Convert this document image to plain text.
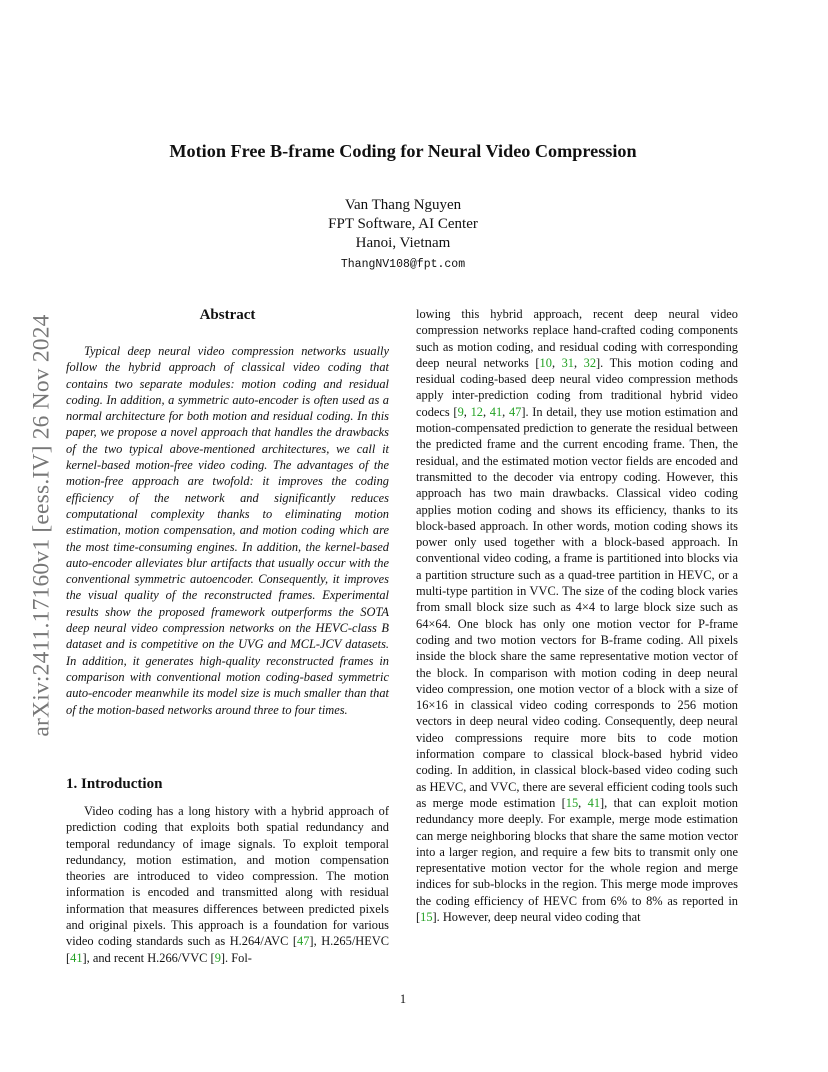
arXiv:2411.17160v1 [eess.IV] 26 Nov 2024
Motion Free B-frame Coding for Neural Video Compression
Van Thang Nguyen
FPT Software, AI Center
Hanoi, Vietnam
ThangNV108@fpt.com
Abstract

Typical deep neural video compression networks usually follow the hybrid approach of classical video coding that contains two separate modules: motion coding and residual coding. In addition, a symmetric auto-encoder is often used as a normal architecture for both motion and residual coding. In this paper, we propose a novel approach that handles the drawbacks of the two typical above-mentioned architectures, we call it kernel-based motion-free video coding. The advantages of the motion-free approach are twofold: it improves the coding efficiency of the network and significantly reduces computational complexity thanks to eliminating motion estimation, motion compensation, and motion coding which are the most time-consuming engines. In addition, the kernel-based auto-encoder alleviates blur artifacts that usually occur with the conventional symmetric autoencoder. Consequently, it improves the visual quality of the reconstructed frames. Experimental results show the proposed framework outperforms the SOTA deep neural video compression networks on the HEVC-class B dataset and is competitive on the UVG and MCL-JCV datasets. In addition, it generates high-quality reconstructed frames in comparison with conventional motion coding-based symmetric auto-encoder meanwhile its model size is much smaller than that of the motion-based networks around three to four times.

1. Introduction

Video coding has a long history with a hybrid approach of prediction coding that exploits both spatial redundancy and temporal redundancy of image signals. To exploit temporal redundancy, motion estimation, and motion compensation theories are introduced to video compression. The motion information is encoded and transmitted along with residual information that measures differences between predicted pixels and original pixels. This approach is a foundation for various video coding standards such as H.264/AVC [47], H.265/HEVC [41], and recent H.266/VVC [9]. Fol-

lowing this hybrid approach, recent deep neural video compression networks replace hand-crafted coding components such as motion coding, and residual coding with corresponding deep neural networks [10, 31, 32]. This motion coding and residual coding-based deep neural video compression methods apply inter-prediction coding from traditional hybrid video codecs [9, 12, 41, 47]. In detail, they use motion estimation and motion-compensated prediction to generate the residual between the predicted frame and the current encoding frame. Then, the residual, and the estimated motion vector fields are encoded and transmitted to the decoder via entropy coding. However, this approach has two main drawbacks. Classical video coding applies motion coding and shows its efficiency, thanks to its block-based approach. In other words, motion coding shows its power only used together with a block-based approach. In conventional video coding, a frame is partitioned into blocks via a partition structure such as a quad-tree partition in HEVC, or a multi-type partition in VVC. The size of the coding block varies from small block size such as 4×4 to large block size such as 64×64. One block has only one motion vector for P-frame coding and two motion vectors for B-frame coding. All pixels inside the block share the same representative motion vector of the block. In comparison with motion coding in deep neural video compression, one motion vector of a block with a size of 16×16 in classical video coding corresponds to 256 motion vectors in deep neural video coding. Consequently, deep neural video compressions require more bits to code motion information compare to classical block-based hybrid video coding. In addition, in classical block-based video coding such as HEVC, and VVC, there are several efficient coding tools such as merge mode estimation [15, 41], that can exploit motion redundancy more deeply. For example, merge mode estimation can merge neighboring blocks that share the same motion vector into a larger region, and require a few bits to transmit only one representative motion vector for the whole region and merge indices for sub-blocks in the region. This merge mode improves the coding efficiency of HEVC from 6% to 8% as reported in [15]. However, deep neural video coding that

1
